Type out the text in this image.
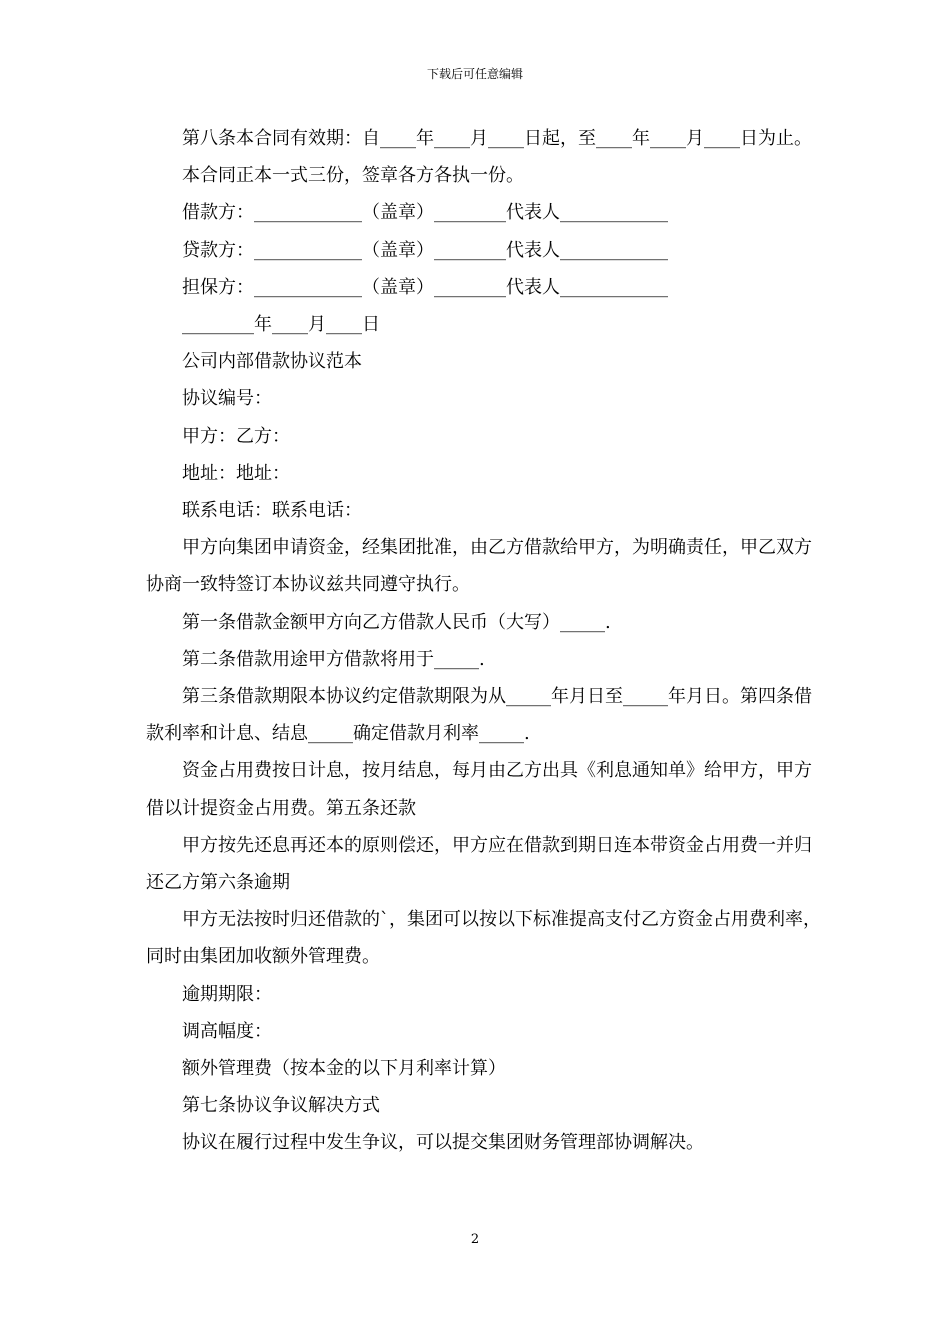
下载后可任意编辑

第八条本合同有效期：自____年____月____日起，至____年____月____日为止。

本合同正本一式三份，签章各方各执一份。

借款方：____________（盖章）________代表人____________

贷款方：____________（盖章）________代表人____________

担保方：____________（盖章）________代表人____________

________年____月____日

公司内部借款协议范本

协议编号：

甲方：乙方：

地址：地址：

联系电话：联系电话：

甲方向集团申请资金，经集团批准，由乙方借款给甲方，为明确责任，甲乙双方协商一致特签订本协议兹共同遵守执行。

第一条借款金额甲方向乙方借款人民币（大写）_____.

第二条借款用途甲方借款将用于_____.

第三条借款期限本协议约定借款期限为从_____年月日至_____年月日。第四条借款利率和计息、结息_____确定借款月利率_____.

资金占用费按日计息，按月结息，每月由乙方出具《利息通知单》给甲方，甲方借以计提资金占用费。第五条还款

甲方按先还息再还本的原则偿还，甲方应在借款到期日连本带资金占用费一并归还乙方第六条逾期

甲方无法按时归还借款的`，集团可以按以下标准提高支付乙方资金占用费利率，同时由集团加收额外管理费。

逾期期限：

调高幅度：

额外管理费（按本金的以下月利率计算）

第七条协议争议解决方式

协议在履行过程中发生争议，可以提交集团财务管理部协调解决。

2
